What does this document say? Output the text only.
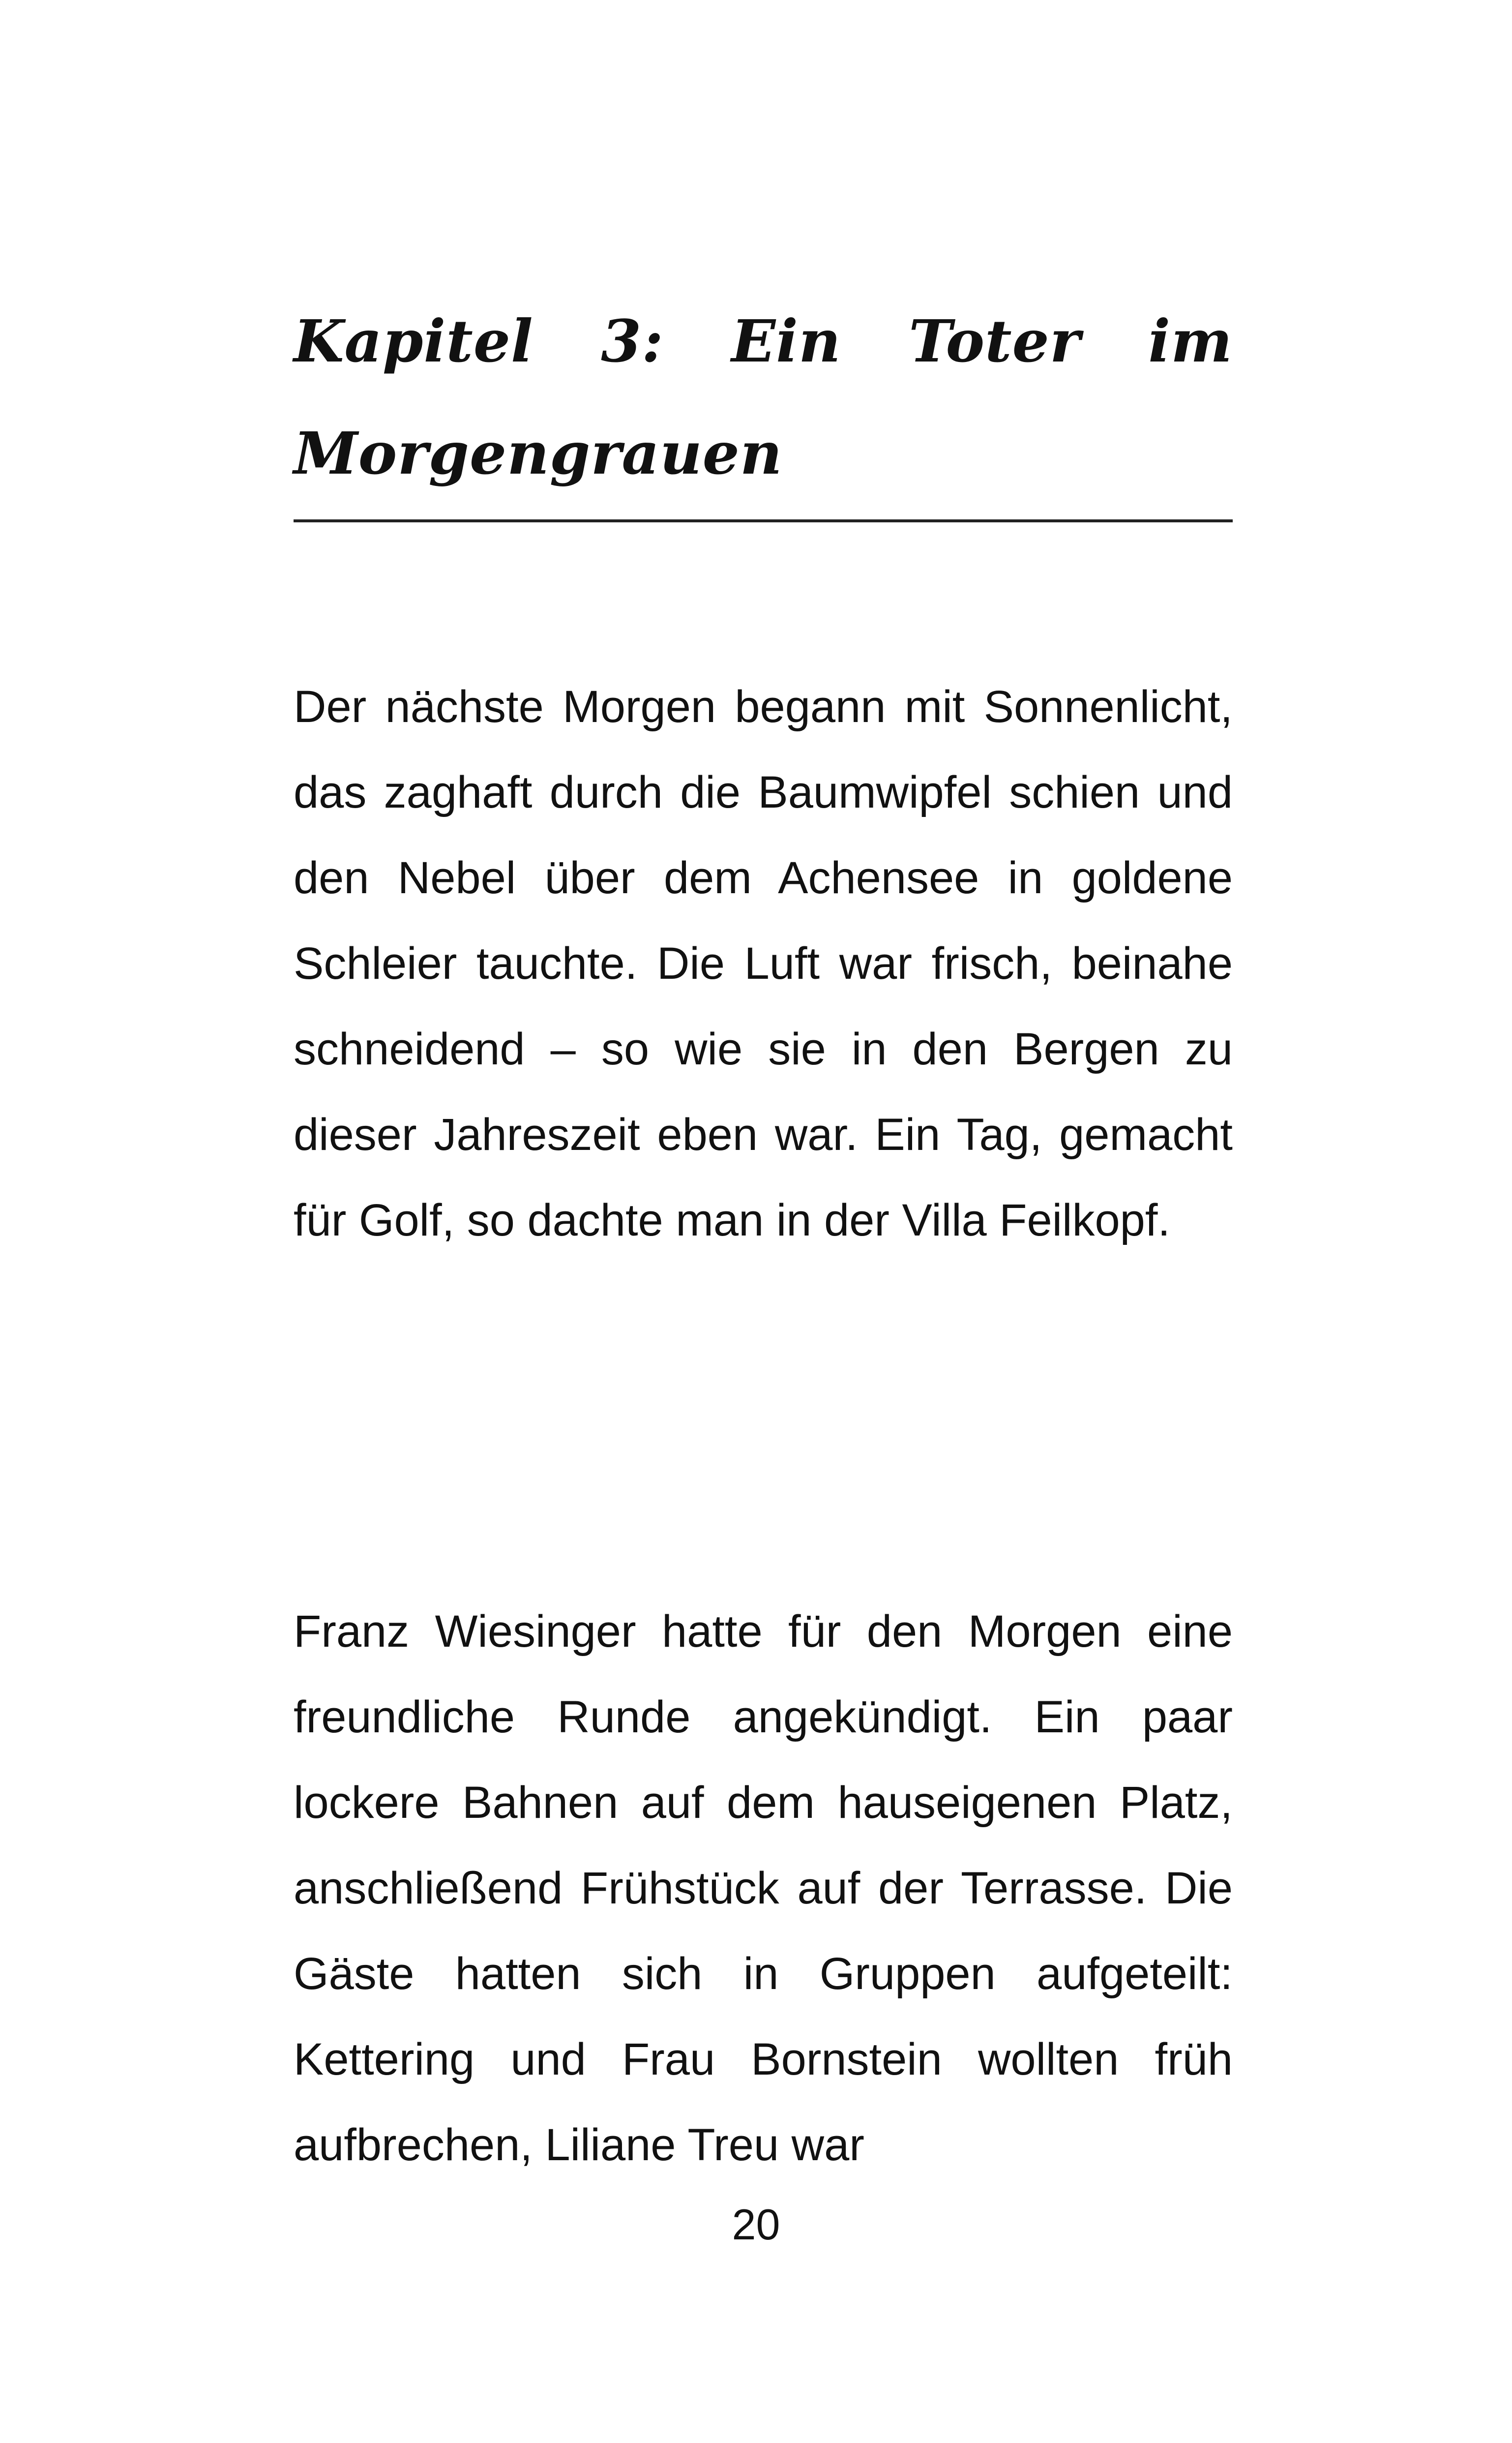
Kapitel 3: Ein Toter im Morgengrauen

Der nächste Morgen begann mit Sonnenlicht, das zaghaft durch die Baumwipfel schien und den Nebel über dem Achensee in goldene Schleier tauchte. Die Luft war frisch, beinahe schneidend – so wie sie in den Bergen zu dieser Jahreszeit eben war. Ein Tag, gemacht für Golf, so dachte man in der Villa Feilkopf.

Franz Wiesinger hatte für den Morgen eine freundliche Runde angekündigt. Ein paar lockere Bahnen auf dem hauseigenen Platz, anschließend Frühstück auf der Terrasse. Die Gäste hatten sich in Gruppen aufgeteilt: Kettering und Frau Bornstein wollten früh aufbrechen, Liliane Treu war

20
